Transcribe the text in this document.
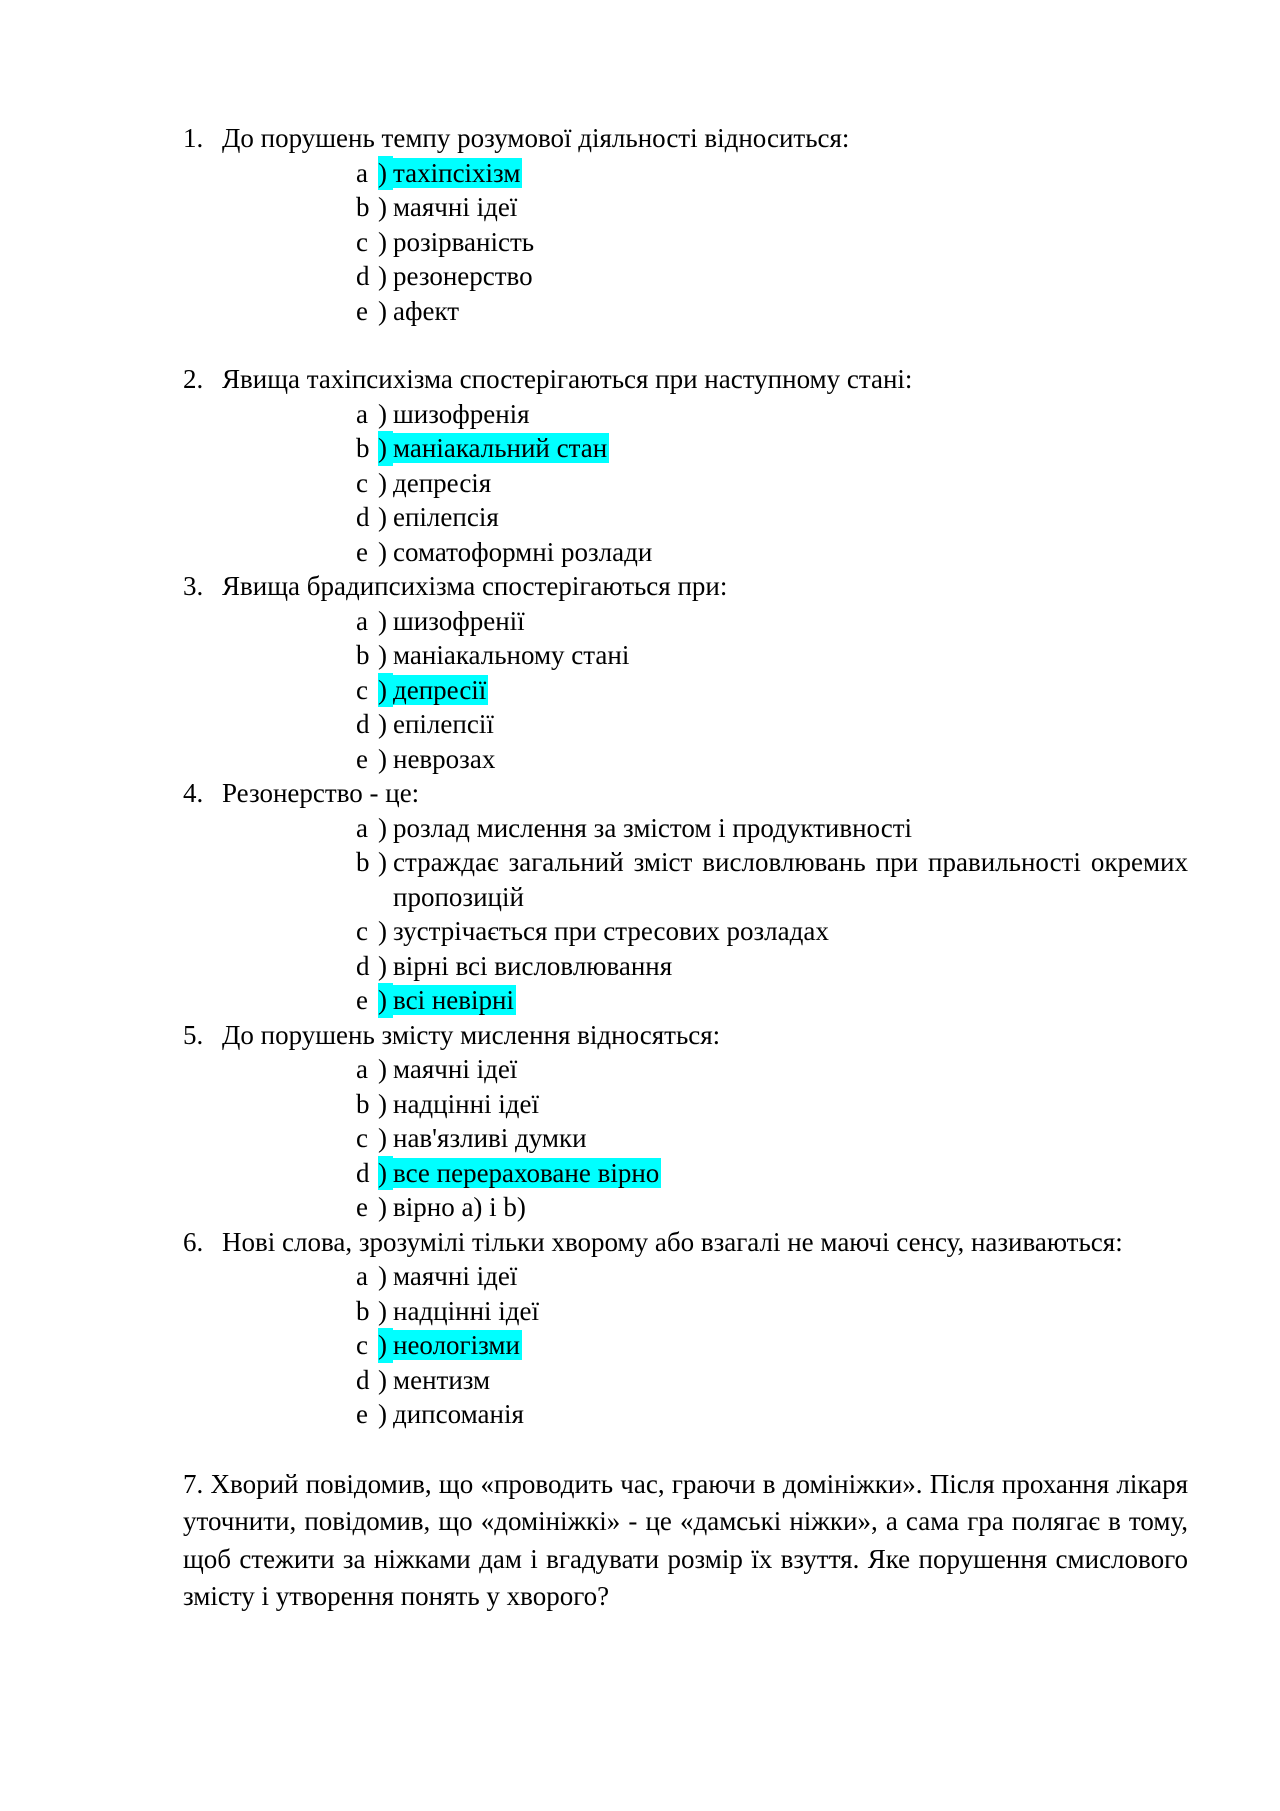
1. До порушень темпу розумової діяльності відноситься:
a ) тахіпсіхізм
b ) маячні ідеї
c ) розірваність
d ) резонерство
e ) афект
2. Явища тахіпсихізма спостерігаються при наступному стані:
a ) шизофренія
b ) маніакальний стан
c ) депресія
d ) епілепсія
e ) соматоформні розлади
3. Явища брадипсихізма спостерігаються при:
a ) шизофренії
b ) маніакальному стані
c ) депресії
d ) епілепсії
e ) неврозах
4. Резонерство - це:
a ) розлад мислення за змістом і продуктивності
b ) страждає загальний зміст висловлювань при правильності окремих пропозицій
c ) зустрічається при стресових розладах
d ) вірні всі висловлювання
e ) всі невірні
5. До порушень змісту мислення відносяться:
a ) маячні ідеї
b ) надцінні ідеї
c ) нав'язливі думки
d ) все перераховане вірно
e ) вірно a) і b)
6. Нові слова, зрозумілі тільки хворому або взагалі не маючі сенсу, називаються:
a ) маячні ідеї
b ) надцінні ідеї
c ) неологізми
d ) ментизм
e ) дипсоманія

7. Хворий повідомив, що «проводить час, граючи в домініжки». Після прохання лікаря уточнити, повідомив, що «домініжкі» - це «дамські ніжки», а сама гра полягає в тому, щоб стежити за ніжками дам і вгадувати розмір їх взуття. Яке порушення смислового змісту і утворення понять у хворого?
